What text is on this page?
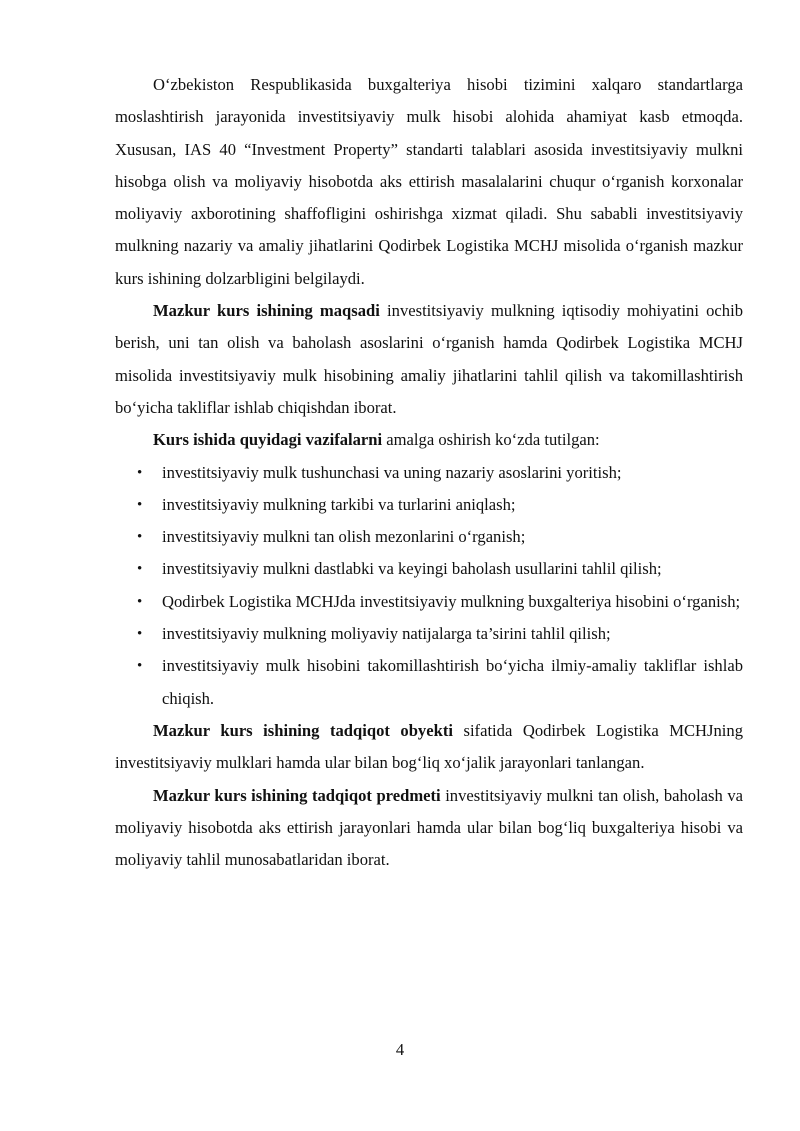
O‘zbekiston Respublikasida buxgalteriya hisobi tizimini xalqaro standartlarga moslashtirish jarayonida investitsiyaviy mulk hisobi alohida ahamiyat kasb etmoqda. Xususan, IAS 40 “Investment Property” standarti talablari asosida investitsiyaviy mulkni hisobga olish va moliyaviy hisobotda aks ettirish masalalarini chuqur o‘rganish korxonalar moliyaviy axborotining shaffofligini oshirishga xizmat qiladi. Shu sababli investitsiyaviy mulkning nazariy va amaliy jihatlarini Qodirbek Logistika MCHJ misolida o‘rganish mazkur kurs ishining dolzarbligini belgilaydi.

Mazkur kurs ishining maqsadi investitsiyaviy mulkning iqtisodiy mohiyatini ochib berish, uni tan olish va baholash asoslarini o‘rganish hamda Qodirbek Logistika MCHJ misolida investitsiyaviy mulk hisobining amaliy jihatlarini tahlil qilish va takomillashtirish bo‘yicha takliflar ishlab chiqishdan iborat.

Kurs ishida quyidagi vazifalarni amalga oshirish ko‘zda tutilgan:

• investitsiyaviy mulk tushunchasi va uning nazariy asoslarini yoritish;
• investitsiyaviy mulkning tarkibi va turlarini aniqlash;
• investitsiyaviy mulkni tan olish mezonlarini o‘rganish;
• investitsiyaviy mulkni dastlabki va keyingi baholash usullarini tahlil qilish;
• Qodirbek Logistika MCHJda investitsiyaviy mulkning buxgalteriya hisobini o‘rganish;
• investitsiyaviy mulkning moliyaviy natijalarga ta’sirini tahlil qilish;
• investitsiyaviy mulk hisobini takomillashtirish bo‘yicha ilmiy-amaliy takliflar ishlab chiqish.

Mazkur kurs ishining tadqiqot obyekti sifatida Qodirbek Logistika MCHJning investitsiyaviy mulklari hamda ular bilan bog‘liq xo‘jalik jarayonlari tanlangan.

Mazkur kurs ishining tadqiqot predmeti investitsiyaviy mulkni tan olish, baholash va moliyaviy hisobotda aks ettirish jarayonlari hamda ular bilan bog‘liq buxgalteriya hisobi va moliyaviy tahlil munosabatlaridan iborat.

4
